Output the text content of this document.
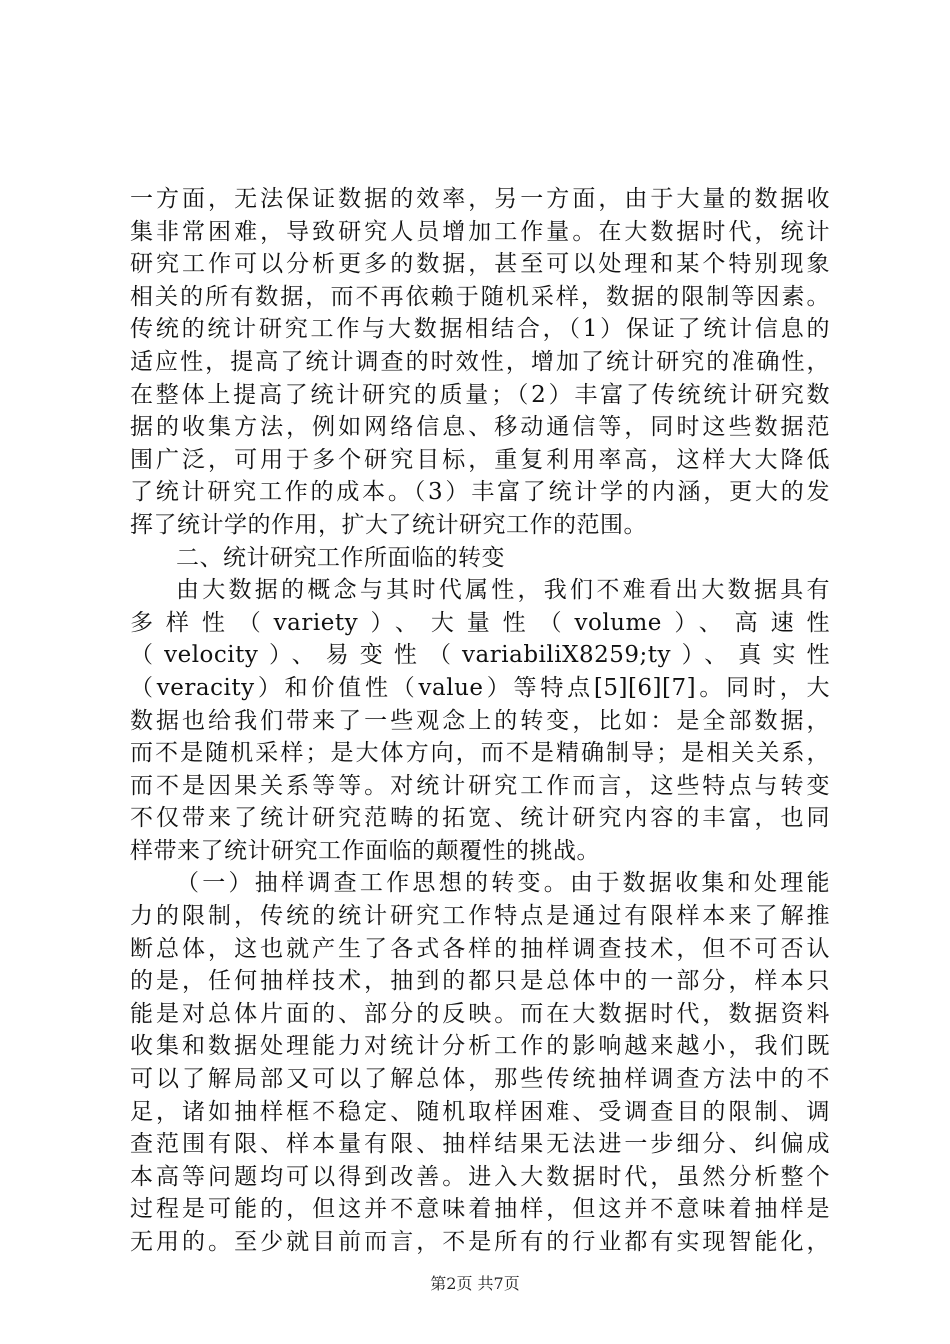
一方面，无法保证数据的效率，另一方面，由于大量的数据收
集非常困难，导致研究人员增加工作量。在大数据时代，统计
研究工作可以分析更多的数据，甚至可以处理和某个特别现象
相关的所有数据，而不再依赖于随机采样，数据的限制等因素。
传统的统计研究工作与大数据相结合，（1）保证了统计信息的
适应性，提高了统计调查的时效性，增加了统计研究的准确性，
在整体上提高了统计研究的质量；（2）丰富了传统统计研究数
据的收集方法，例如网络信息、移动通信等，同时这些数据范
围广泛，可用于多个研究目标，重复利用率高，这样大大降低
了统计研究工作的成本。（3）丰富了统计学的内涵，更大的发
挥了统计学的作用，扩大了统计研究工作的范围。
二、统计研究工作所面临的转变
由大数据的概念与其时代属性，我们不难看出大数据具有
多样性（variety）、大量性（volume）、高速性
（velocity）、易变性（variabiliX8259;ty）、真实性
（veracity）和价值性（value）等特点[5][6][7]。同时，大
数据也给我们带来了一些观念上的转变，比如：是全部数据，
而不是随机采样；是大体方向，而不是精确制导；是相关关系，
而不是因果关系等等。对统计研究工作而言，这些特点与转变
不仅带来了统计研究范畴的拓宽、统计研究内容的丰富，也同
样带来了统计研究工作面临的颠覆性的挑战。
（一）抽样调查工作思想的转变。由于数据收集和处理能
力的限制，传统的统计研究工作特点是通过有限样本来了解推
断总体，这也就产生了各式各样的抽样调查技术，但不可否认
的是，任何抽样技术，抽到的都只是总体中的一部分，样本只
能是对总体片面的、部分的反映。而在大数据时代，数据资料
收集和数据处理能力对统计分析工作的影响越来越小，我们既
可以了解局部又可以了解总体，那些传统抽样调查方法中的不
足，诸如抽样框不稳定、随机取样困难、受调查目的限制、调
查范围有限、样本量有限、抽样结果无法进一步细分、纠偏成
本高等问题均可以得到改善。进入大数据时代，虽然分析整个
过程是可能的，但这并不意味着抽样，但这并不意味着抽样是
无用的。至少就目前而言，不是所有的行业都有实现智能化，
第2页 共7页
